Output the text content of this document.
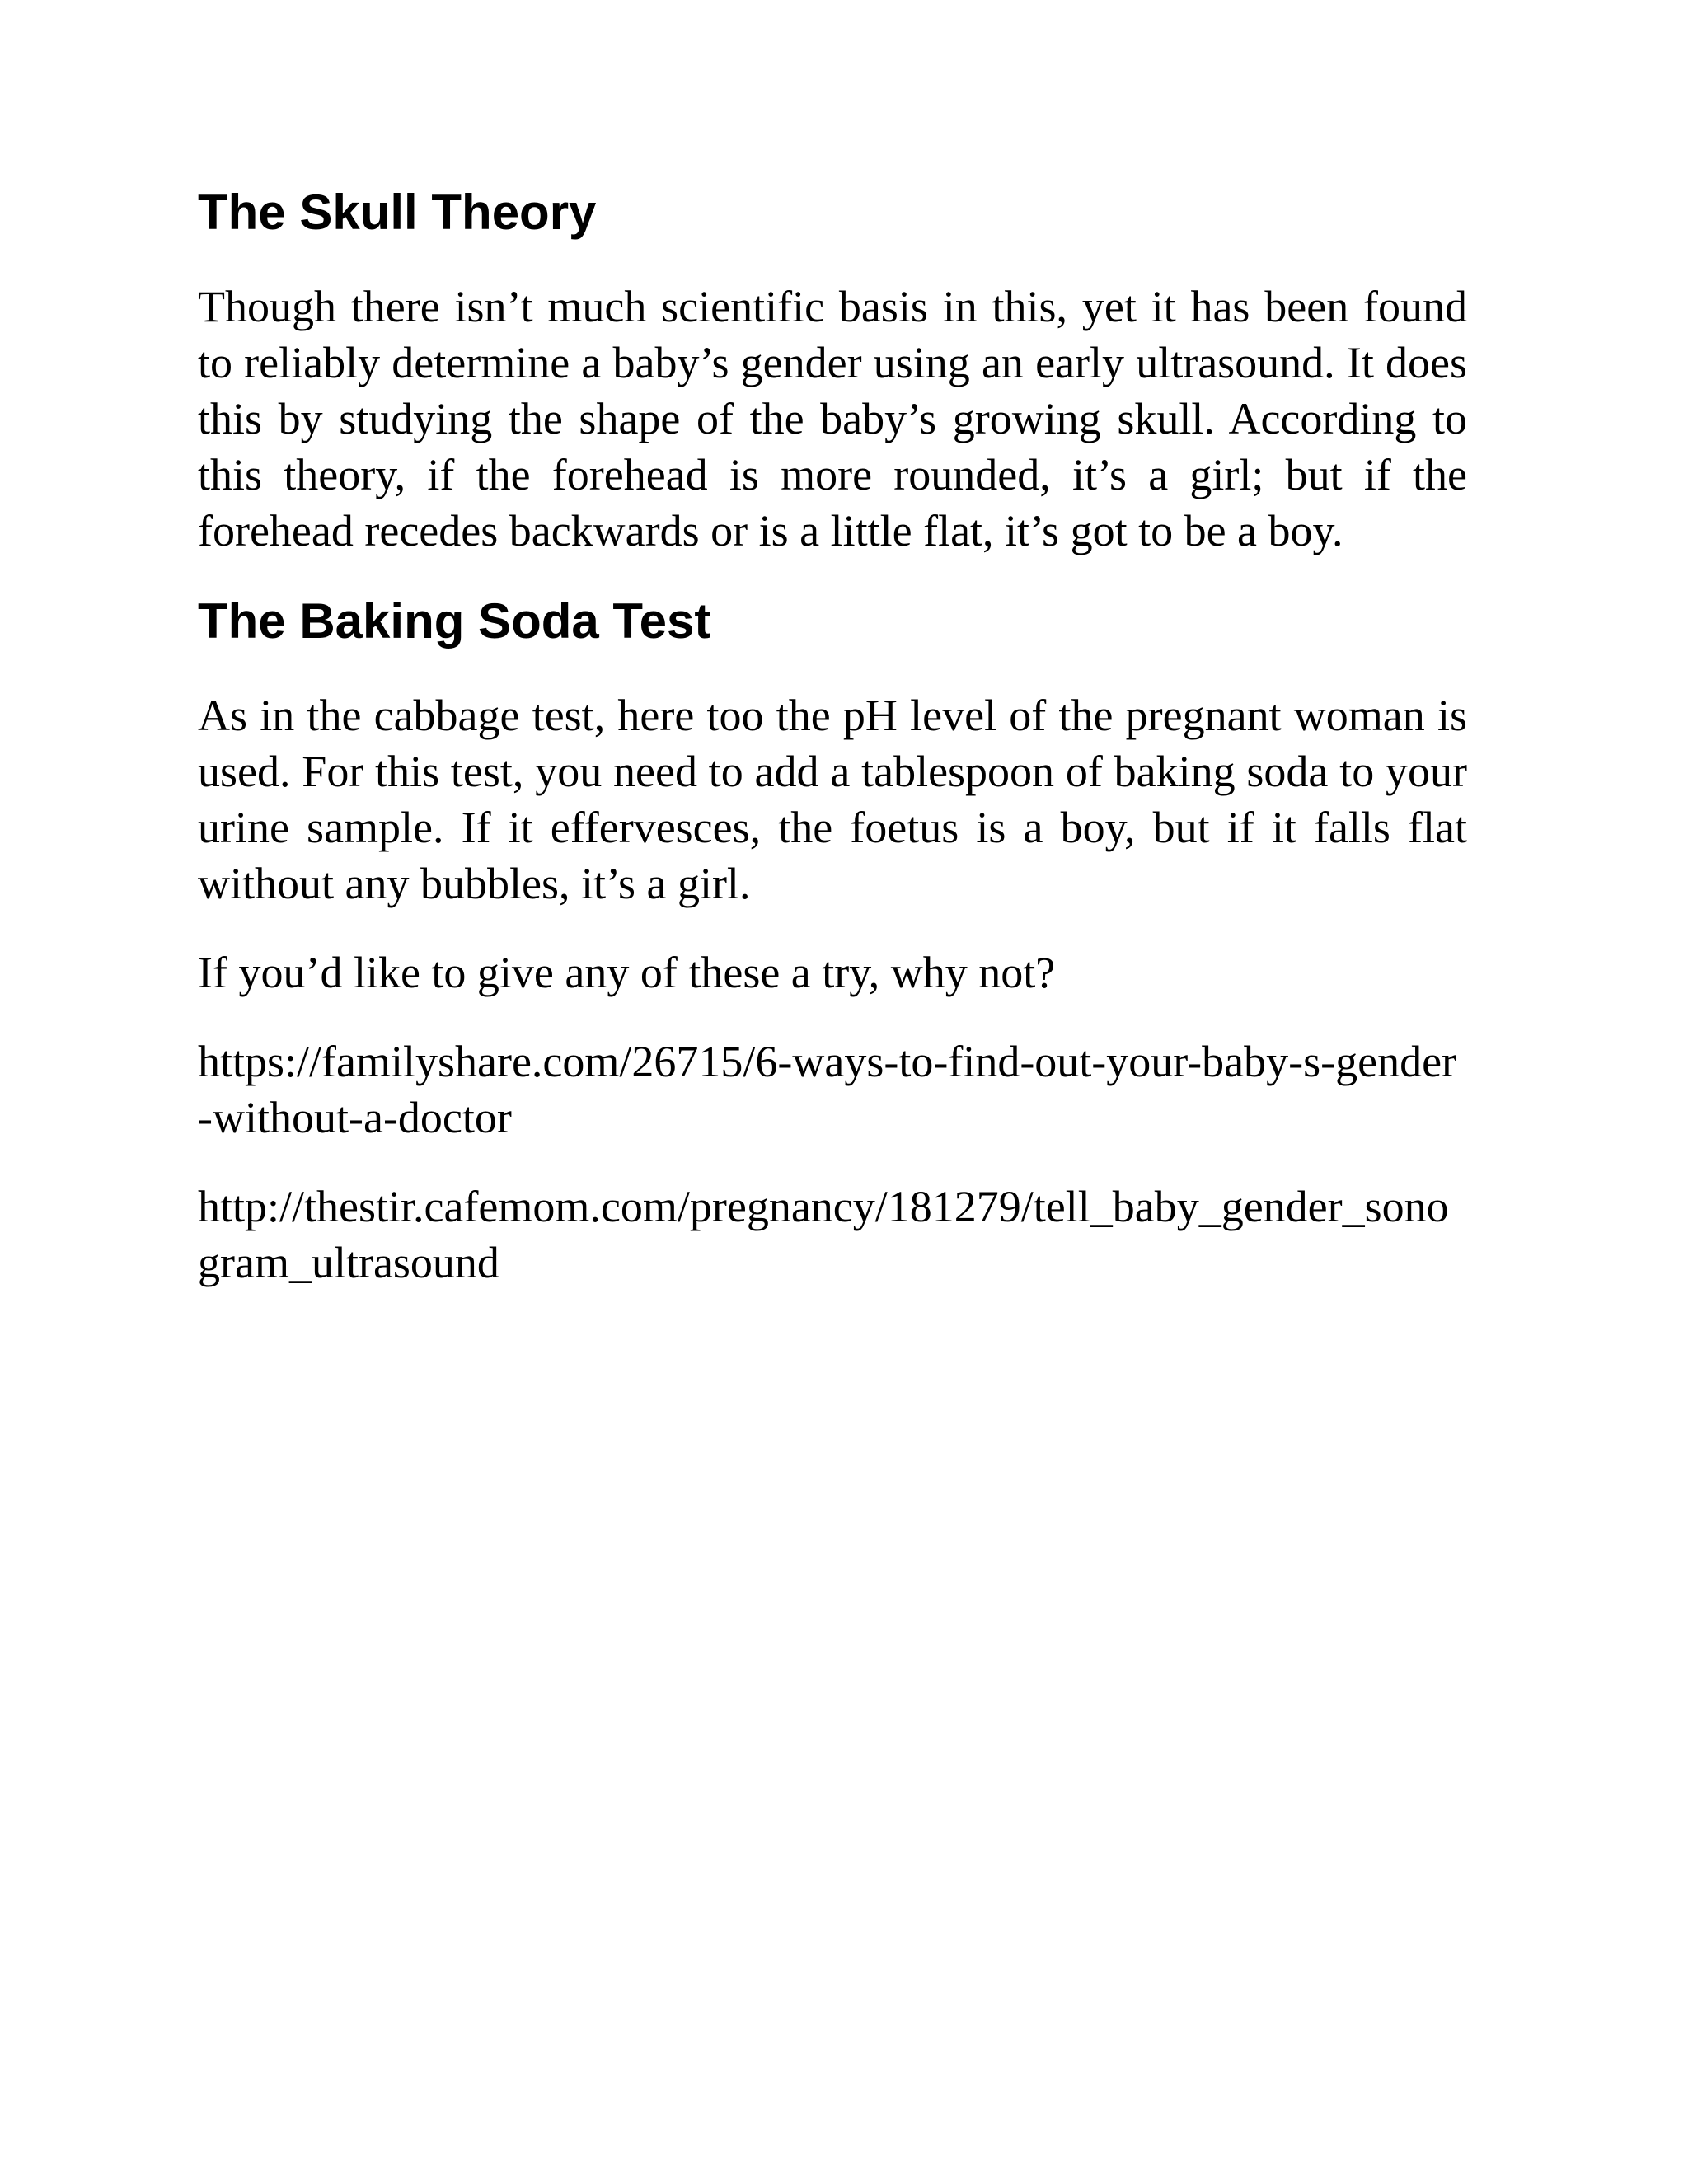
The Skull Theory

Though there isn’t much scientific basis in this, yet it has been found to reliably determine a baby’s gender using an early ultrasound. It does this by studying the shape of the baby’s growing skull. According to this theory, if the forehead is more rounded, it’s a girl; but if the forehead recedes backwards or is a little flat, it’s got to be a boy.

The Baking Soda Test

As in the cabbage test, here too the pH level of the pregnant woman is used. For this test, you need to add a tablespoon of baking soda to your urine sample. If it effervesces, the foetus is a boy, but if it falls flat without any bubbles, it’s a girl.

If you’d like to give any of these a try, why not?

https://familyshare.com/26715/6-ways-to-find-out-your-baby-s-gender-without-a-doctor

http://thestir.cafemom.com/pregnancy/181279/tell_baby_gender_sonogram_ultrasound
